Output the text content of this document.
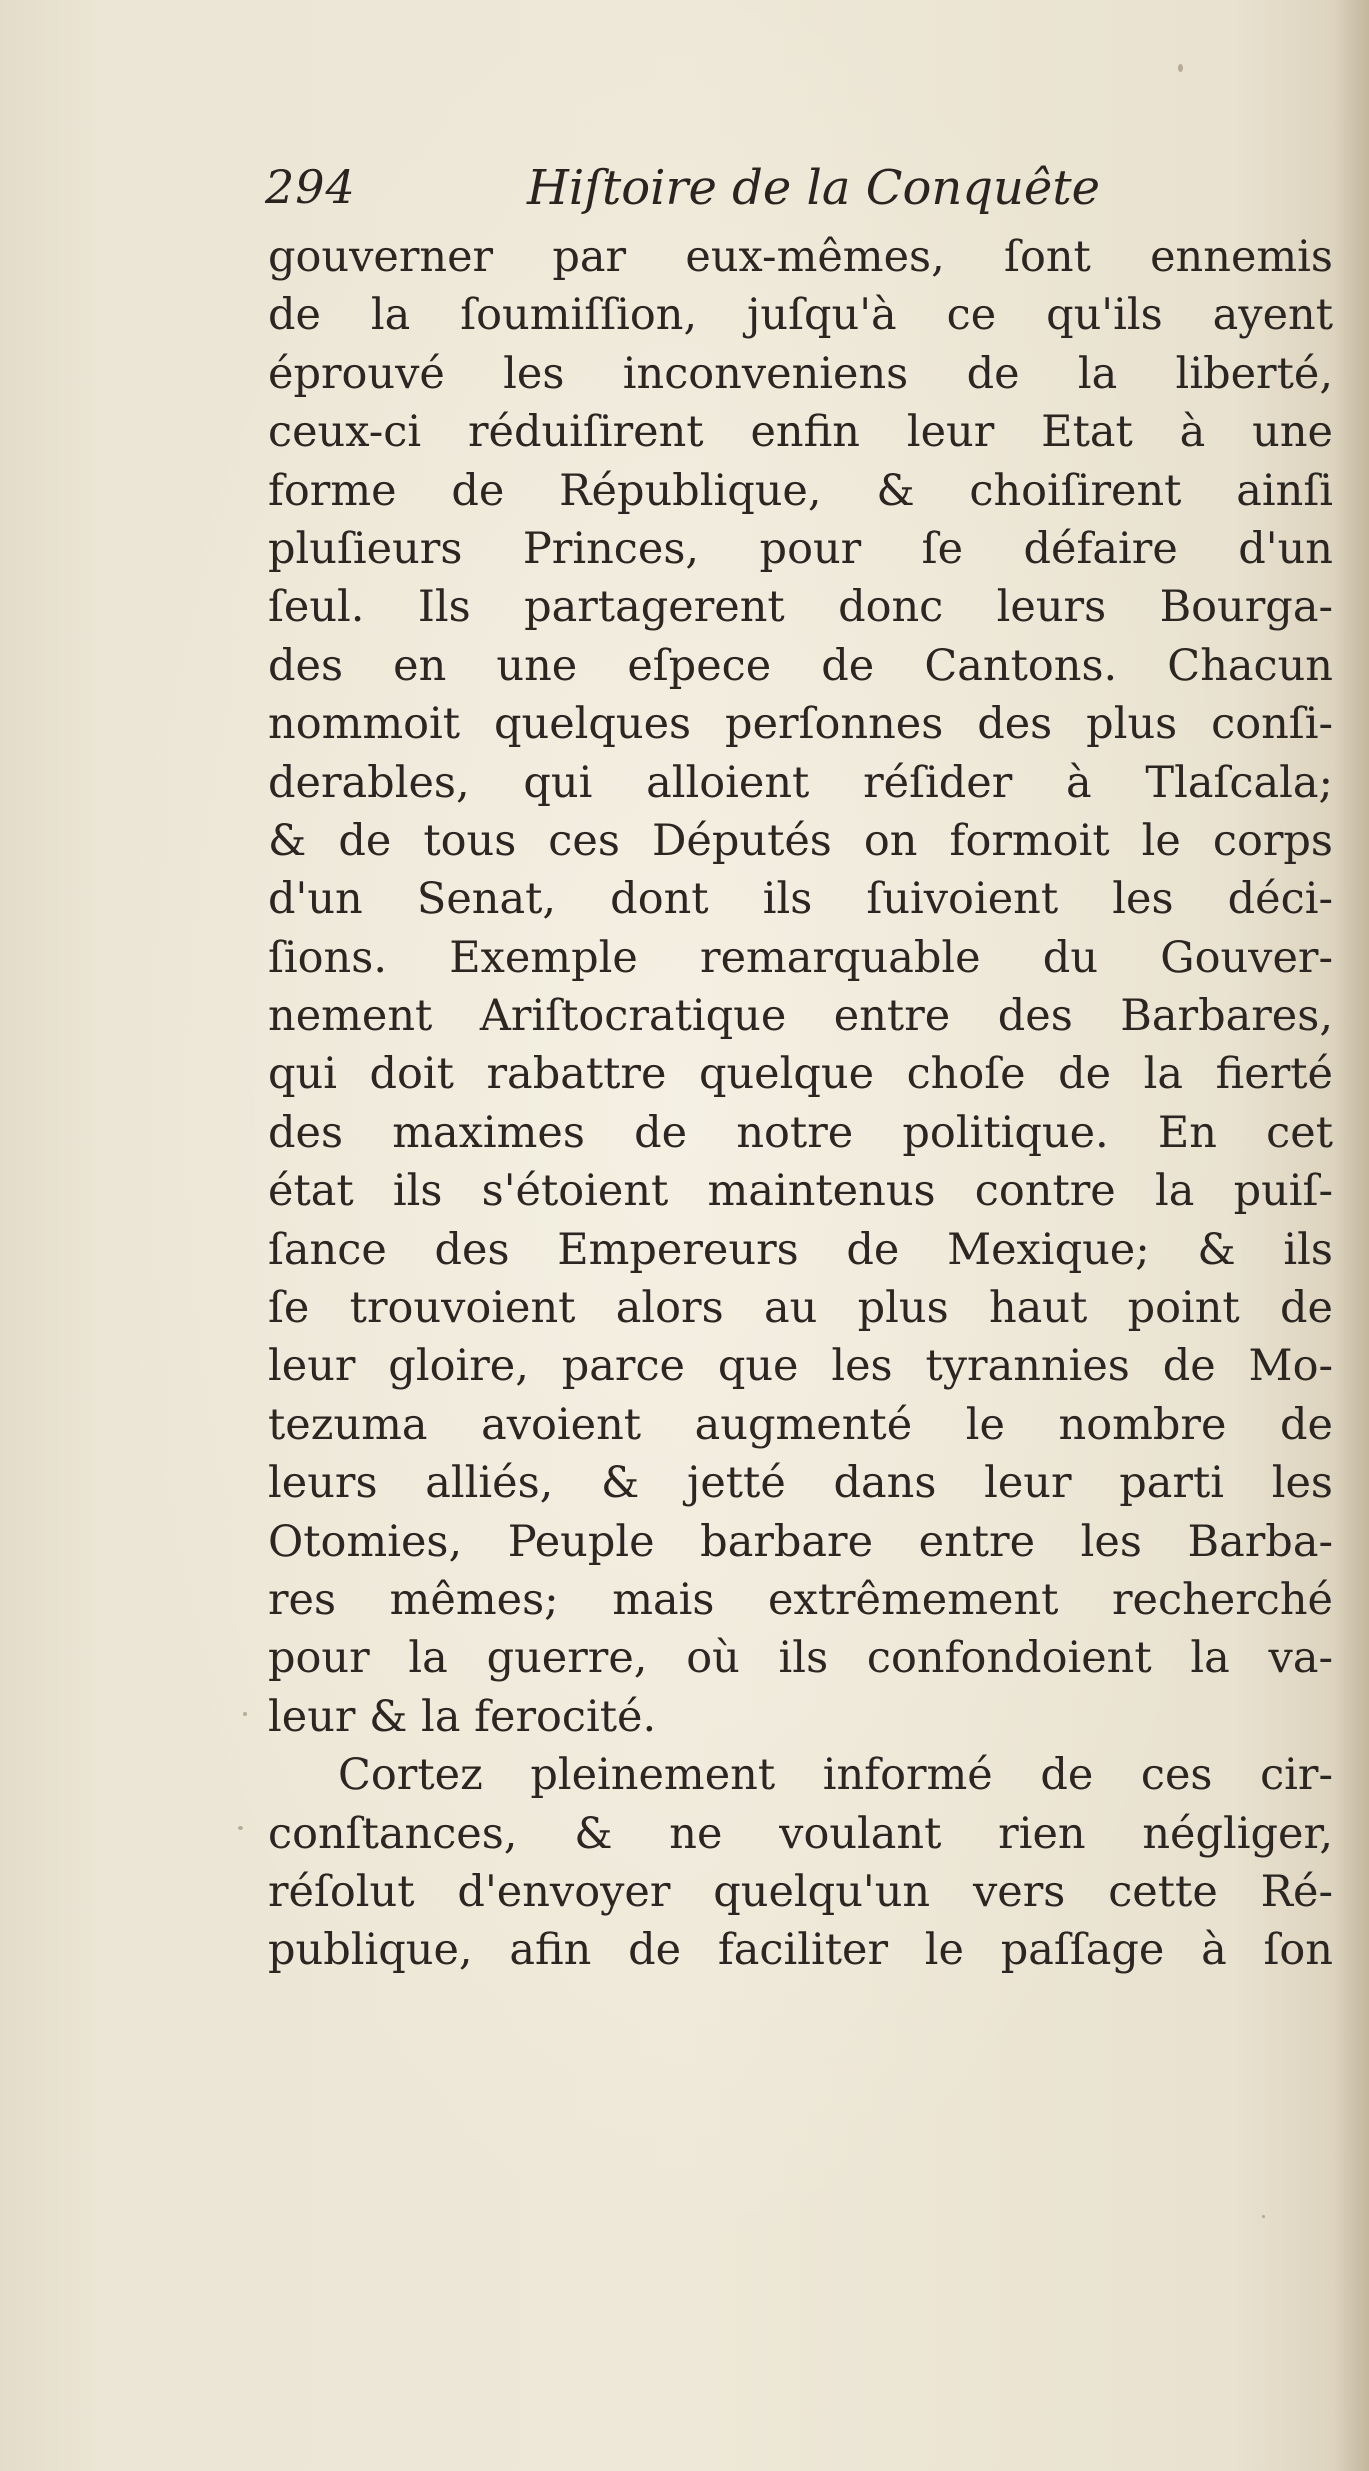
294	Hiſtoire de la Conquête
gouverner par eux-mêmes, ſont ennemis
de la ſoumiſſion, juſqu'à ce qu'ils ayent
éprouvé les inconveniens de la liberté,
ceux-ci réduiſirent enfin leur Etat à une
forme de République, & choiſirent ainſi
pluſieurs Princes, pour ſe défaire d'un
ſeul. Ils partagerent donc leurs Bourga-
des en une eſpece de Cantons. Chacun
nommoit quelques perſonnes des plus conſi-
derables, qui alloient réſider à Tlaſcala;
& de tous ces Députés on formoit le corps
d'un Senat, dont ils ſuivoient les déci-
ſions. Exemple remarquable du Gouver-
nement Ariſtocratique entre des Barbares,
qui doit rabattre quelque choſe de la fierté
des maximes de notre politique. En cet
état ils s'étoient maintenus contre la puiſ-
ſance des Empereurs de Mexique; & ils
ſe trouvoient alors au plus haut point de
leur gloire, parce que les tyrannies de Mo-
tezuma avoient augmenté le nombre de
leurs alliés, & jetté dans leur parti les
Otomies, Peuple barbare entre les Barba-
res mêmes; mais extrêmement recherché
pour la guerre, où ils confondoient la va-
leur & la ferocité.
Cortez pleinement informé de ces cir-
conſtances, & ne voulant rien négliger,
réſolut d'envoyer quelqu'un vers cette Ré-
publique, afin de faciliter le paſſage à ſon
